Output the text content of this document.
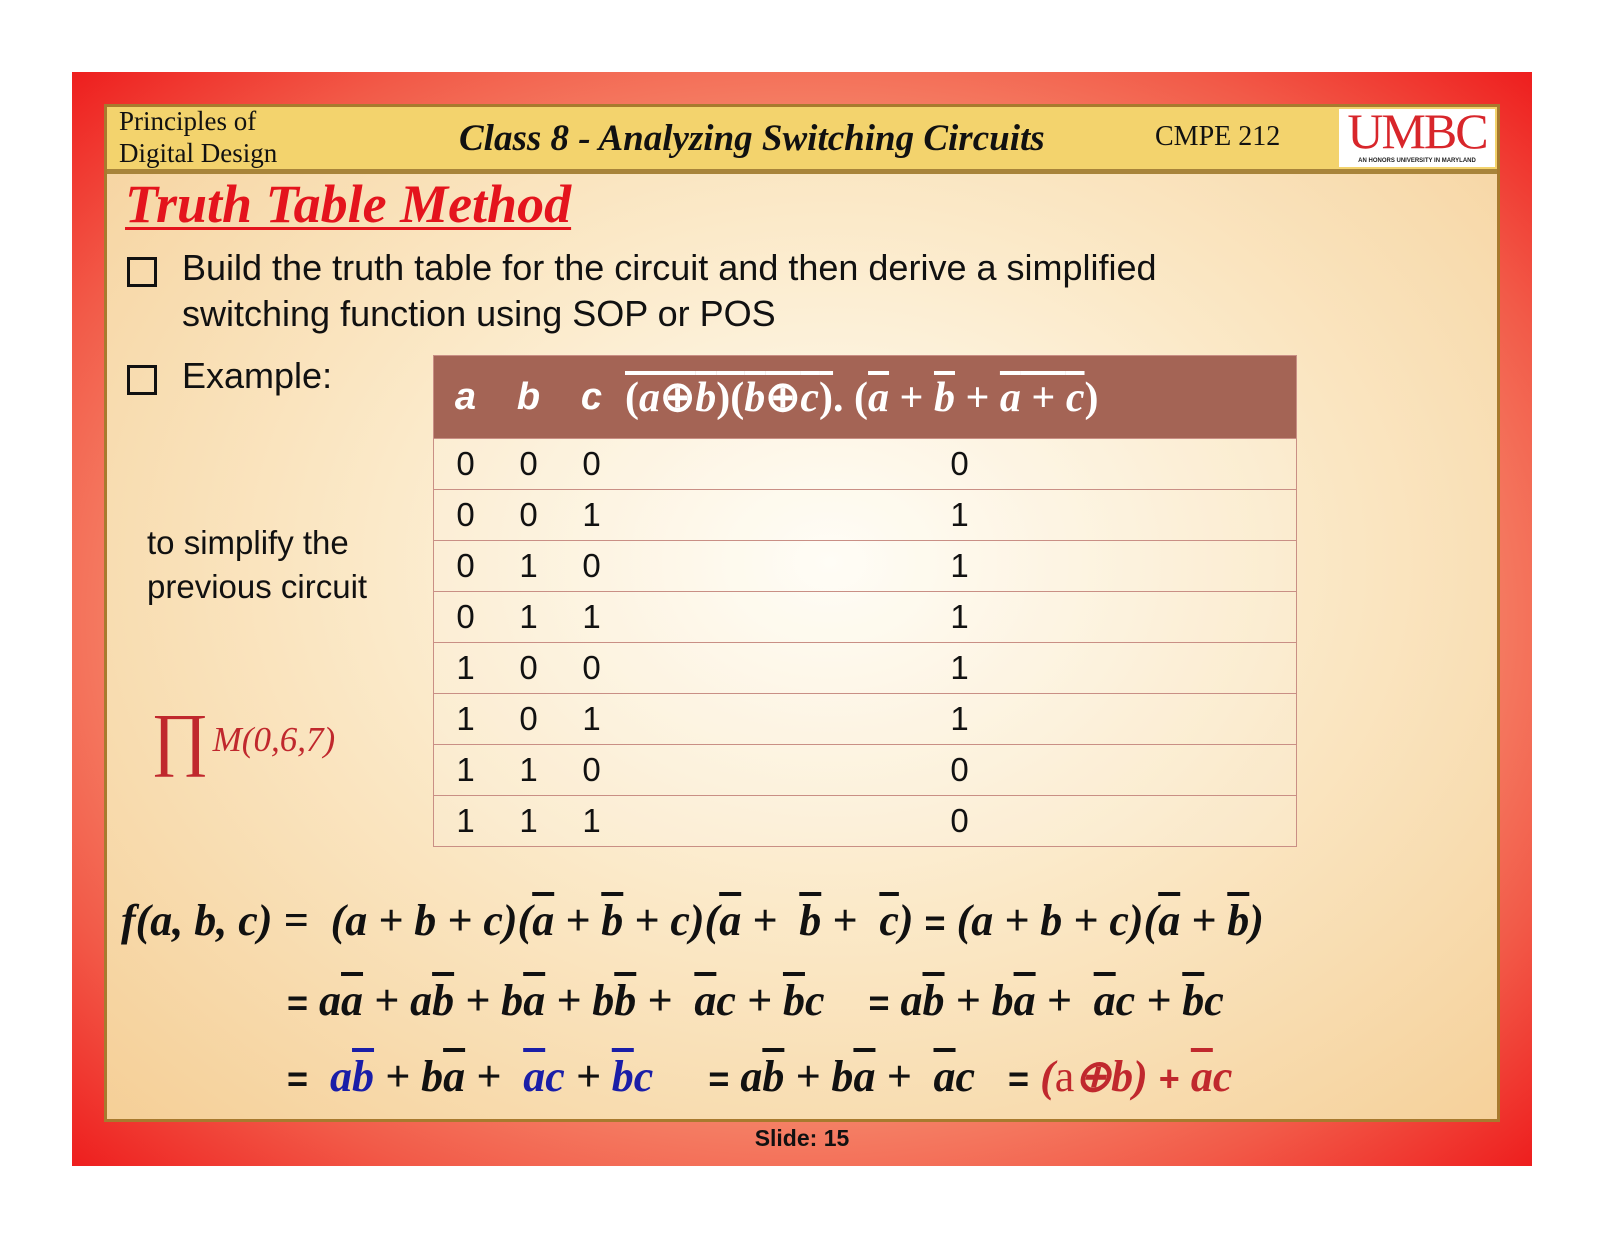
Principles of
Digital Design	Class 8 - Analyzing Switching Circuits	CMPE 212 UMBC
AN HONORS UNIVERSITY IN MARYLAND
Truth Table Method
Build the truth table for the circuit and then derive a simplified
switching function using SOP or POS
Example:
to simplify the
previous circuit
∏ M(0,6,7)
a	b	c	(a⊕b)(b⊕c). $(\overline{a} + \overline{b} + a + c)$
0	0	0	0
0	0	1	1
0	1	0	1
0	1	1	1
1	0	0	1
1	0	1	1
1	1	0	0
1	1	1	0
f(a, b, $c) = (a + b + c)(\overline{a} + \overline{b} + c)(\overline{a} + \overline{b} + \overline{c}) = (a + b + c)(\overline{a} + \overline{b})$
= $a\overline{a} + a\overline{b} + b\overline{a} + b\overline{b} + \overline{a}c + \overline{b}c$    = $a\overline{b} + b\overline{a} + \overline{a}c + \overline{b}c$
= $a\overline{b} + b\overline{a} + \overline{a}c + \overline{b}c = a\overline{b} + b\overline{a} + \overline{a}c$   = (a⊕b) + $\overline{a}c$
Slide: 15
